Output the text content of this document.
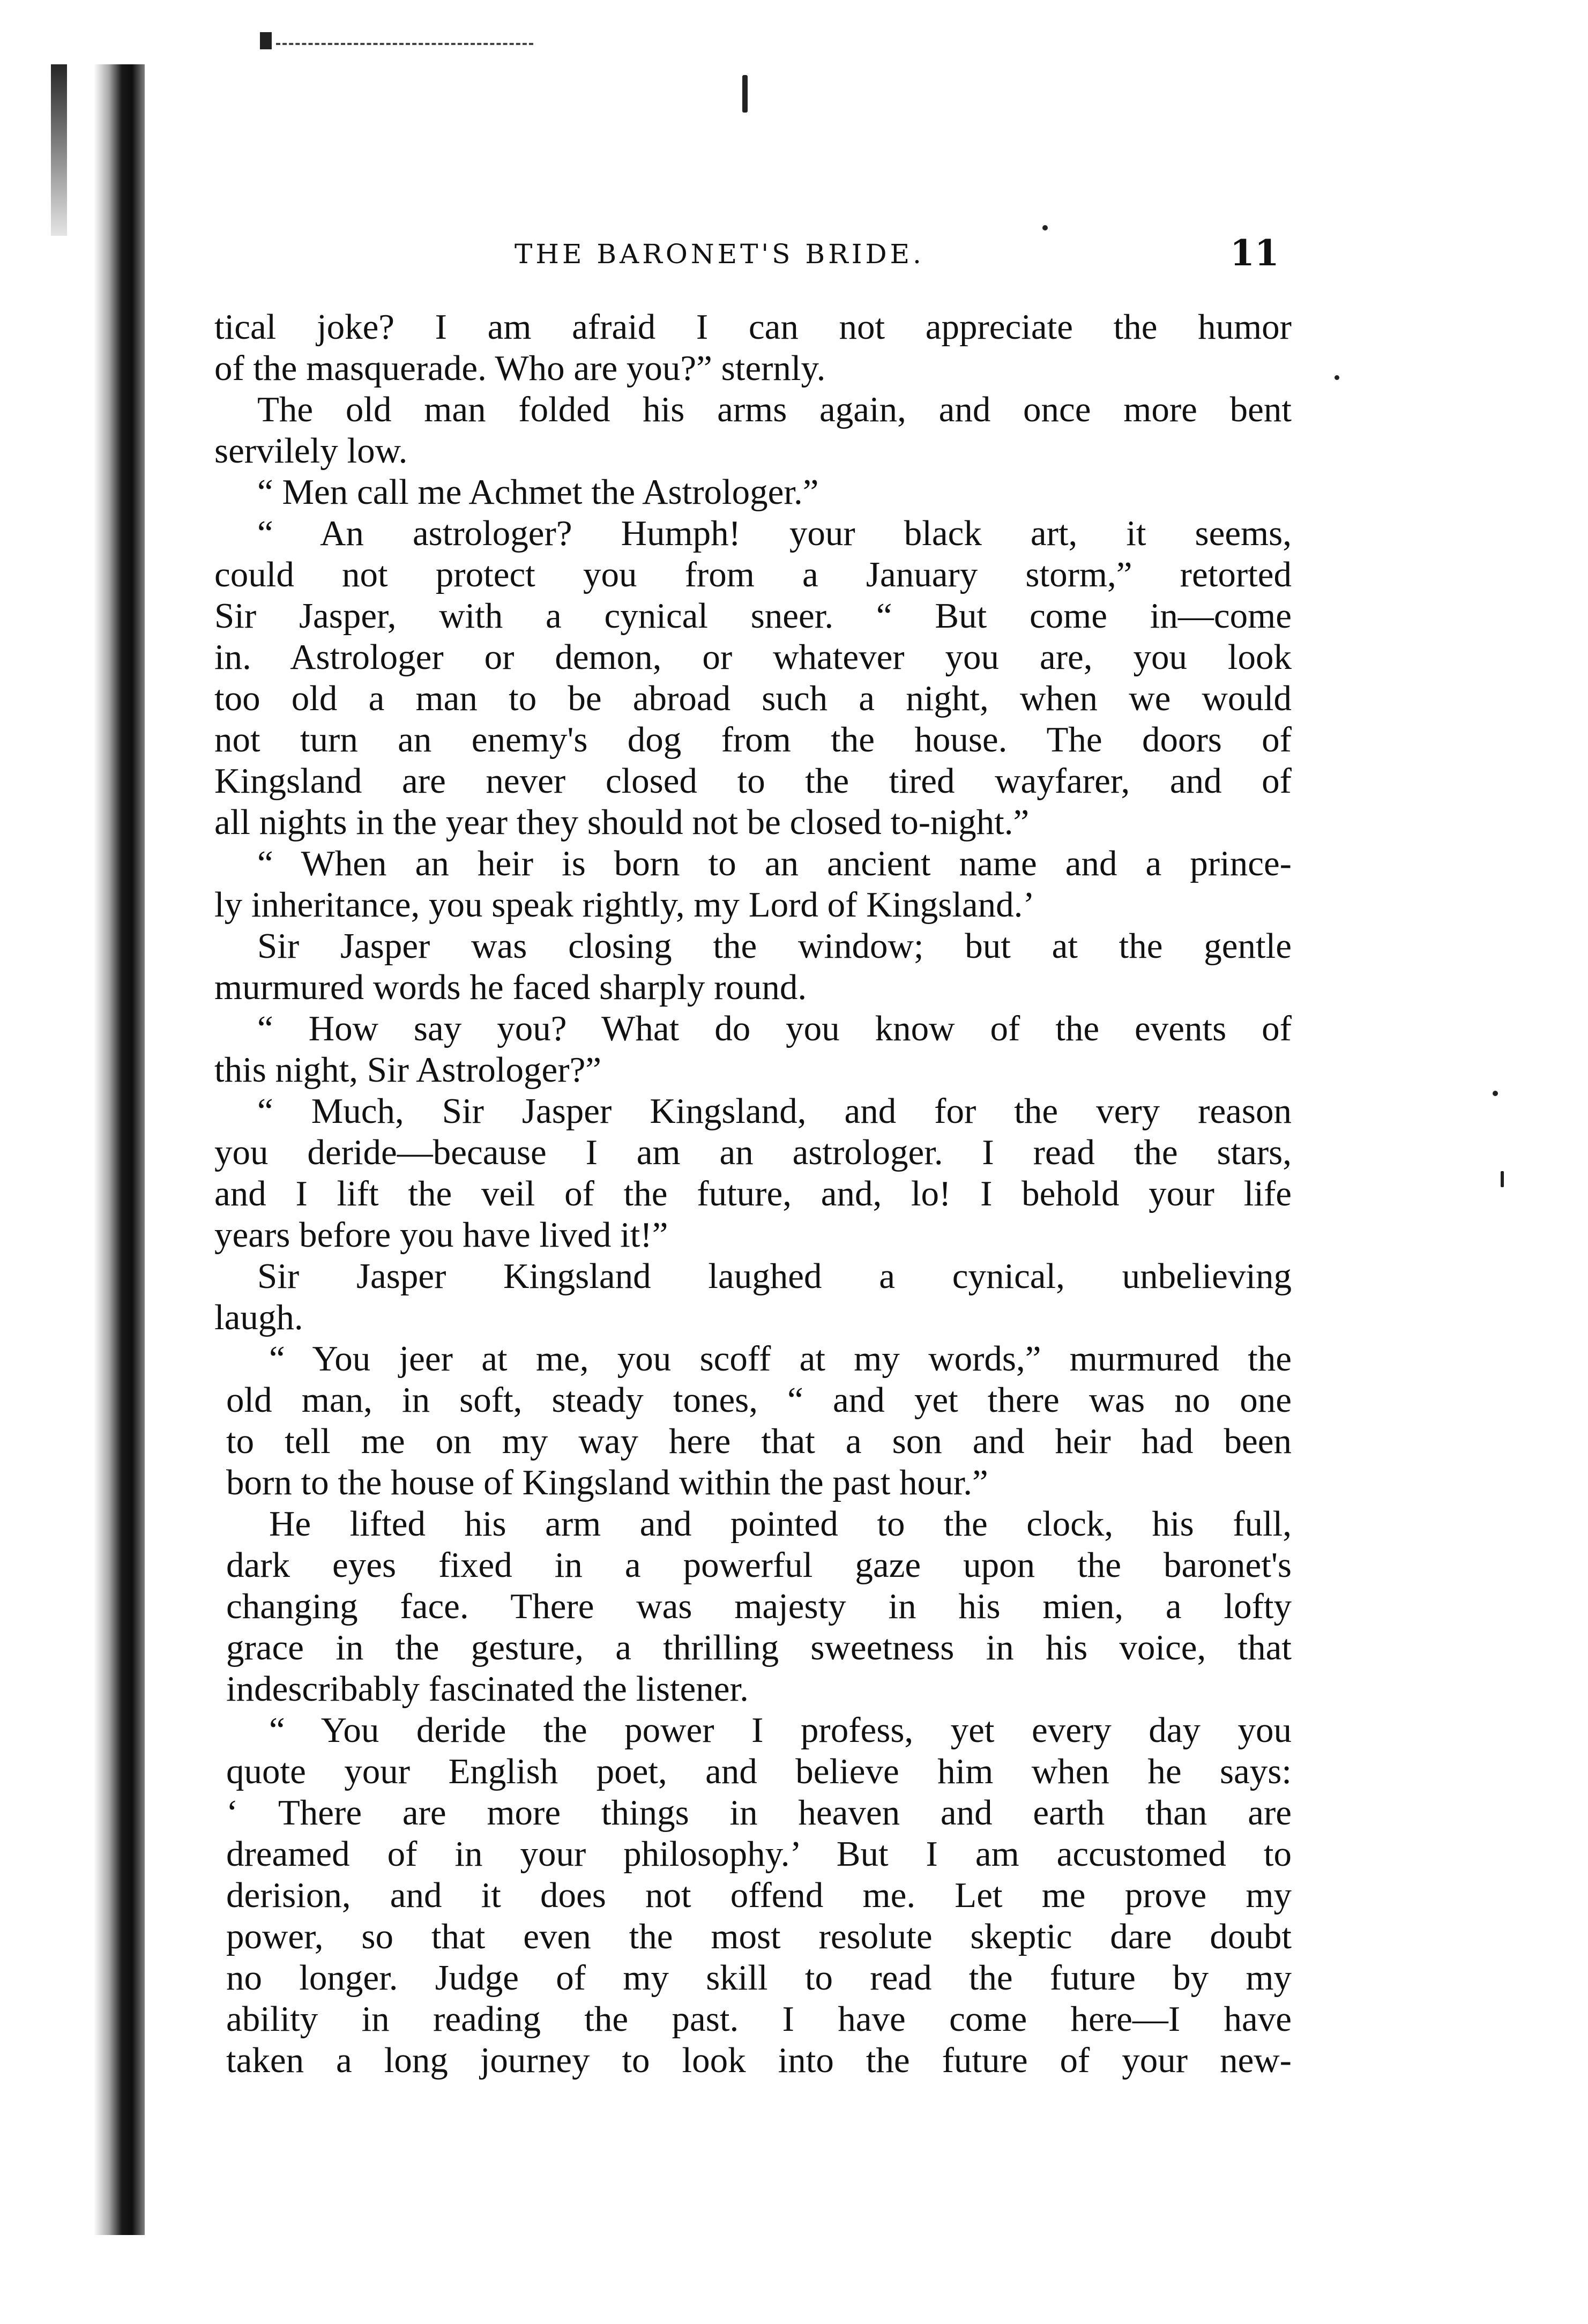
THE BARONET'S BRIDE.	11
tical joke? I am afraid I can not appreciate the humor
of the masquerade. Who are you?” sternly.
The old man folded his arms again, and once more bent
servilely low.
“ Men call me Achmet the Astrologer.”
“ An astrologer? Humph! your black art, it seems,
could not protect you from a January storm,” retorted
Sir Jasper, with a cynical sneer. “ But come in—come
in. Astrologer or demon, or whatever you are, you look
too old a man to be abroad such a night, when we would
not turn an enemy's dog from the house. The doors of
Kingsland are never closed to the tired wayfarer, and of
all nights in the year they should not be closed to-night.”
“ When an heir is born to an ancient name and a prince-
ly inheritance, you speak rightly, my Lord of Kingsland.’
Sir Jasper was closing the window; but at the gentle
murmured words he faced sharply round.
“ How say you? What do you know of the events of
this night, Sir Astrologer?”
“ Much, Sir Jasper Kingsland, and for the very reason
you deride—because I am an astrologer. I read the stars,
and I lift the veil of the future, and, lo! I behold your life
years before you have lived it!”
Sir Jasper Kingsland laughed a cynical, unbelieving
laugh.
“ You jeer at me, you scoff at my words,” murmured the
old man, in soft, steady tones, “ and yet there was no one
to tell me on my way here that a son and heir had been
born to the house of Kingsland within the past hour.”
He lifted his arm and pointed to the clock, his full,
dark eyes fixed in a powerful gaze upon the baronet's
changing face. There was majesty in his mien, a lofty
grace in the gesture, a thrilling sweetness in his voice, that
indescribably fascinated the listener.
“ You deride the power I profess, yet every day you
quote your English poet, and believe him when he says:
‘ There are more things in heaven and earth than are
dreamed of in your philosophy.’ But I am accustomed to
derision, and it does not offend me. Let me prove my
power, so that even the most resolute skeptic dare doubt
no longer. Judge of my skill to read the future by my
ability in reading the past. I have come here—I have
taken a long journey to look into the future of your new-
